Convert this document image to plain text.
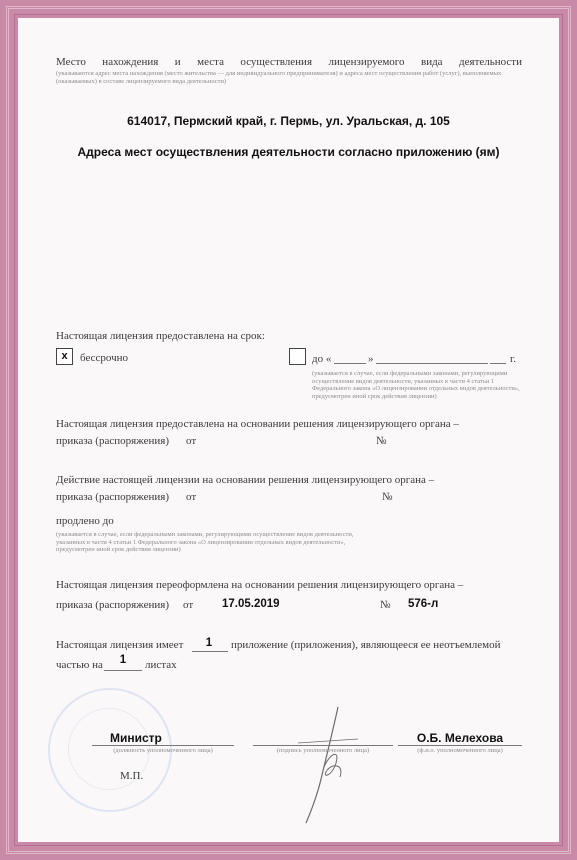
Место нахождения и места осуществления лицензируемого вида деятельности
(указываются адрес места нахождения (место жительства — для индивидуального предпринимателя) и адреса мест осуществления работ (услуг), выполняемых (оказываемых) в составе лицензируемого вида деятельности)
614017, Пермский край, г. Пермь, ул. Уральская, д. 105
Адреса мест осуществления деятельности согласно приложению (ям)
Настоящая лицензия предоставлена на срок:
x	бессрочно	до «	»	г.
(указывается в случае, если федеральными законами, регулирующими осуществление видов деятельности, указанных в части 4 статьи 1 Федерального закона «О лицензировании отдельных видов деятельности», предусмотрен иной срок действия лицензии)
Настоящая лицензия предоставлена на основании решения лицензирующего органа –
приказа (распоряжения) от	№
Действие настоящей лицензии на основании решения лицензирующего органа –
приказа (распоряжения) от	№
продлено до
(указывается в случае, если федеральными законами, регулирующими осуществление видов деятельности, указанных в части 4 статьи 1 Федерального закона «О лицензировании отдельных видов деятельности», предусмотрен иной срок действия лицензии)
Настоящая лицензия переоформлена на основании решения лицензирующего органа –
приказа (распоряжения) от	17.05.2019	№ 576-л
Настоящая лицензия имеет	1	приложение (приложения), являющееся ее неотъемлемой
частью на	1	листах
Министр
(должность уполномоченного лица)	(подпись уполномоченного лица)
О.Б. Мелехова
(ф.и.о. уполномоченного лица)
М.П.
